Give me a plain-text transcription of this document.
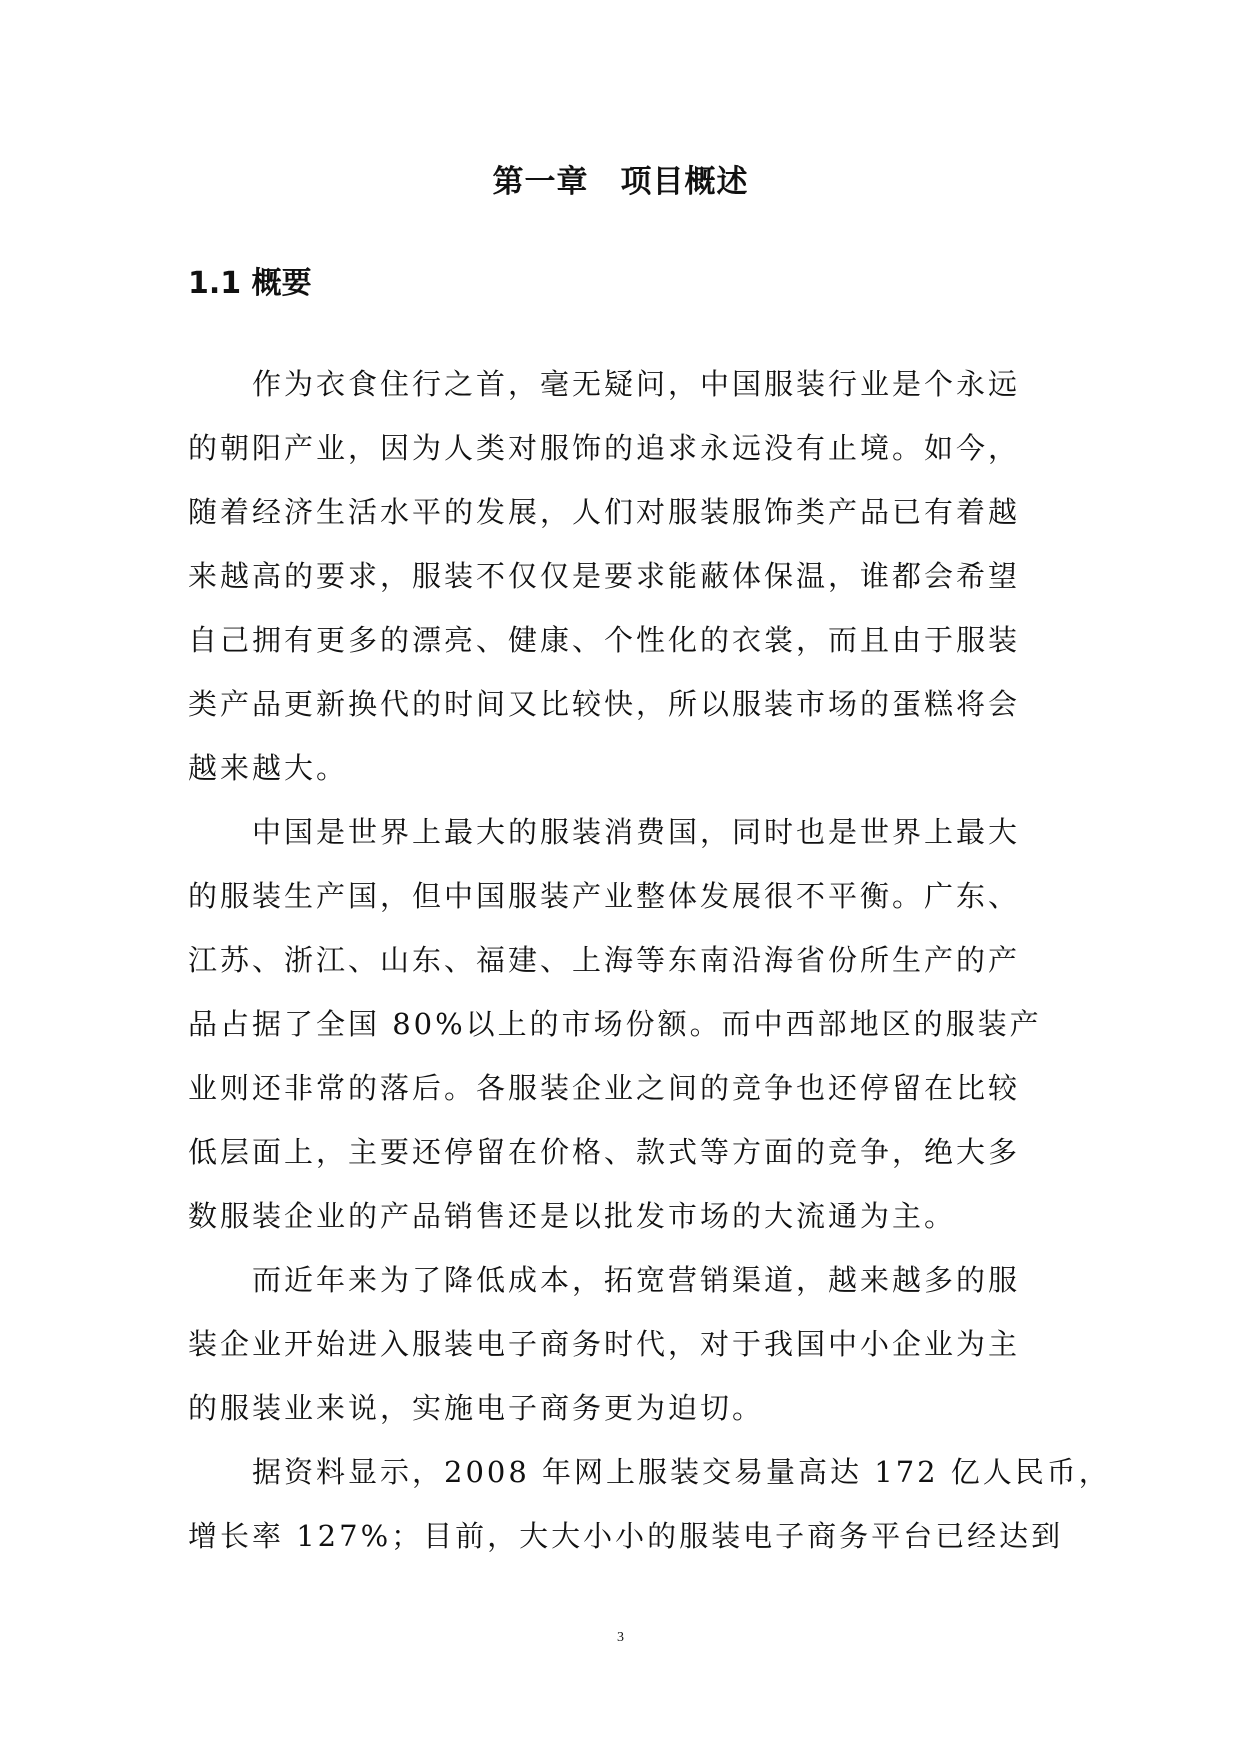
第一章　项目概述
1.1 概要

　　作为衣食住行之首，毫无疑问，中国服装行业是个永远
的朝阳产业，因为人类对服饰的追求永远没有止境。如今，
随着经济生活水平的发展，人们对服装服饰类产品已有着越
来越高的要求，服装不仅仅是要求能蔽体保温，谁都会希望
自己拥有更多的漂亮、健康、个性化的衣裳，而且由于服装
类产品更新换代的时间又比较快，所以服装市场的蛋糕将会
越来越大。

　　中国是世界上最大的服装消费国，同时也是世界上最大
的服装生产国，但中国服装产业整体发展很不平衡。广东、
江苏、浙江、山东、福建、上海等东南沿海省份所生产的产
品占据了全国 80%以上的市场份额。而中西部地区的服装产
业则还非常的落后。各服装企业之间的竞争也还停留在比较
低层面上，主要还停留在价格、款式等方面的竞争，绝大多
数服装企业的产品销售还是以批发市场的大流通为主。

　　而近年来为了降低成本，拓宽营销渠道，越来越多的服
装企业开始进入服装电子商务时代，对于我国中小企业为主
的服装业来说，实施电子商务更为迫切。

　　据资料显示，2008 年网上服装交易量高达 172 亿人民币，
增长率 127%；目前，大大小小的服装电子商务平台已经达到

3
